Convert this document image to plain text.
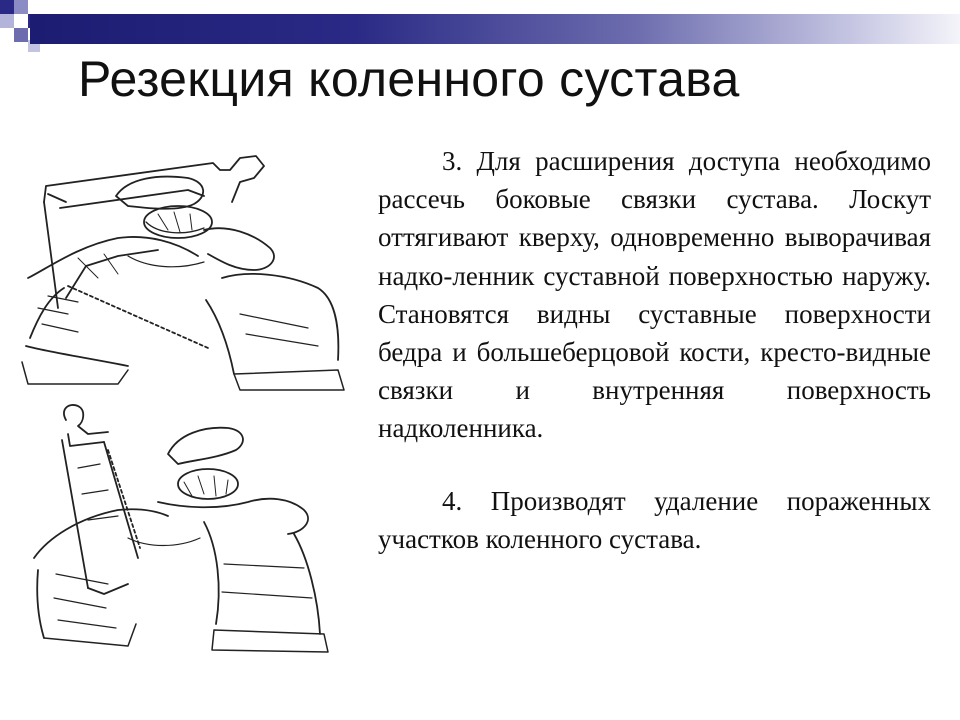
Резекция коленного сустава

3. Для расширения доступа необходимо рассечь боковые связки сустава. Лоскут оттягивают кверху, одновременно выворачивая надко-ленник суставной поверхностью наружу. Становятся видны суставные поверхности бедра и большеберцовой кости, кресто-видные связки и внутренняя поверхность надколенника.

4. Производят удаление пораженных участков коленного сустава.
